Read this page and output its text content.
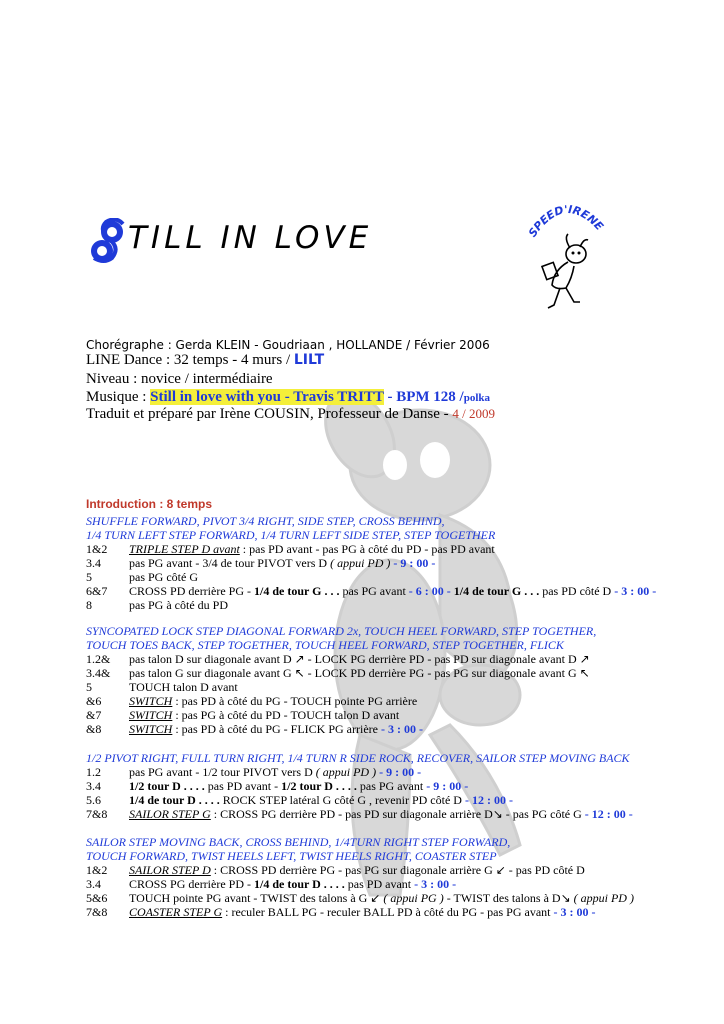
TILL IN LOVE	SPEED'IRENE
Chorégraphe : Gerda KLEIN - Goudriaan , HOLLANDE / Février 2006
LINE Dance : 32 temps - 4 murs / LILT
Niveau : novice / intermédiaire
Musique : Still in love with you - Travis TRITT - BPM 128 /polka
Traduit et préparé par Irène COUSIN, Professeur de Danse - 4 / 2009
Introduction : 8 temps
SHUFFLE FORWARD, PIVOT 3/4 RIGHT, SIDE STEP, CROSS BEHIND,
1/4 TURN LEFT STEP FORWARD, 1/4 TURN LEFT SIDE STEP, STEP TOGETHER
1&2	TRIPLE STEP D avant : pas PD avant - pas PG à côté du PD - pas PD avant
3.4	pas PG avant - 3/4 de tour PIVOT vers D ( appui PD ) - 9 : 00 -
5	pas PG côté G
6&7	CROSS PD derrière PG - 1/4 de tour G . . . pas PG avant - 6 : 00 - 1/4 de tour G . . . pas PD côté D - 3 : 00 -
8	pas PG à côté du PD
SYNCOPATED LOCK STEP DIAGONAL FORWARD 2x, TOUCH HEEL FORWARD, STEP TOGETHER,
TOUCH TOES BACK, STEP TOGETHER, TOUCH HEEL FORWARD, STEP TOGETHER, FLICK
1.2&	pas talon D sur diagonale avant D ↗ - LOCK PG derrière PD - pas PD sur diagonale avant D ↗
3.4&	pas talon G sur diagonale avant G ↖ - LOCK PD derrière PG - pas PG sur diagonale avant G ↖
5	TOUCH talon D avant
&6	SWITCH : pas PD à côté du PG - TOUCH pointe PG arrière
&7	SWITCH : pas PG à côté du PD - TOUCH talon D avant
&8	SWITCH : pas PD à côté du PG - FLICK PG arrière - 3 : 00 -
1/2 PIVOT RIGHT, FULL TURN RIGHT, 1/4 TURN R SIDE ROCK, RECOVER, SAILOR STEP MOVING BACK
1.2	pas PG avant - 1/2 tour PIVOT vers D ( appui PD ) - 9 : 00 -
3.4	1/2 tour D . . . . pas PD avant - 1/2 tour D . . . . pas PG avant - 9 : 00 -
5.6	1/4 de tour D . . . . ROCK STEP latéral G côté G , revenir PD côté D - 12 : 00 -
7&8	SAILOR STEP G : CROSS PG derrière PD - pas PD sur diagonale arrière D↘ - pas PG côté G - 12 : 00 -
SAILOR STEP MOVING BACK, CROSS BEHIND, 1/4TURN RIGHT STEP FORWARD,
TOUCH FORWARD, TWIST HEELS LEFT, TWIST HEELS RIGHT, COASTER STEP
1&2	SAILOR STEP D : CROSS PD derrière PG - pas PG sur diagonale arrière G ↙ - pas PD côté D
3.4	CROSS PG derrière PD - 1/4 de tour D . . . . pas PD avant - 3 : 00 -
5&6	TOUCH pointe PG avant - TWIST des talons à G ↙ ( appui PG ) - TWIST des talons à D↘ ( appui PD )
7&8	COASTER STEP G : reculer BALL PG - reculer BALL PD à côté du PG - pas PG avant - 3 : 00 -
